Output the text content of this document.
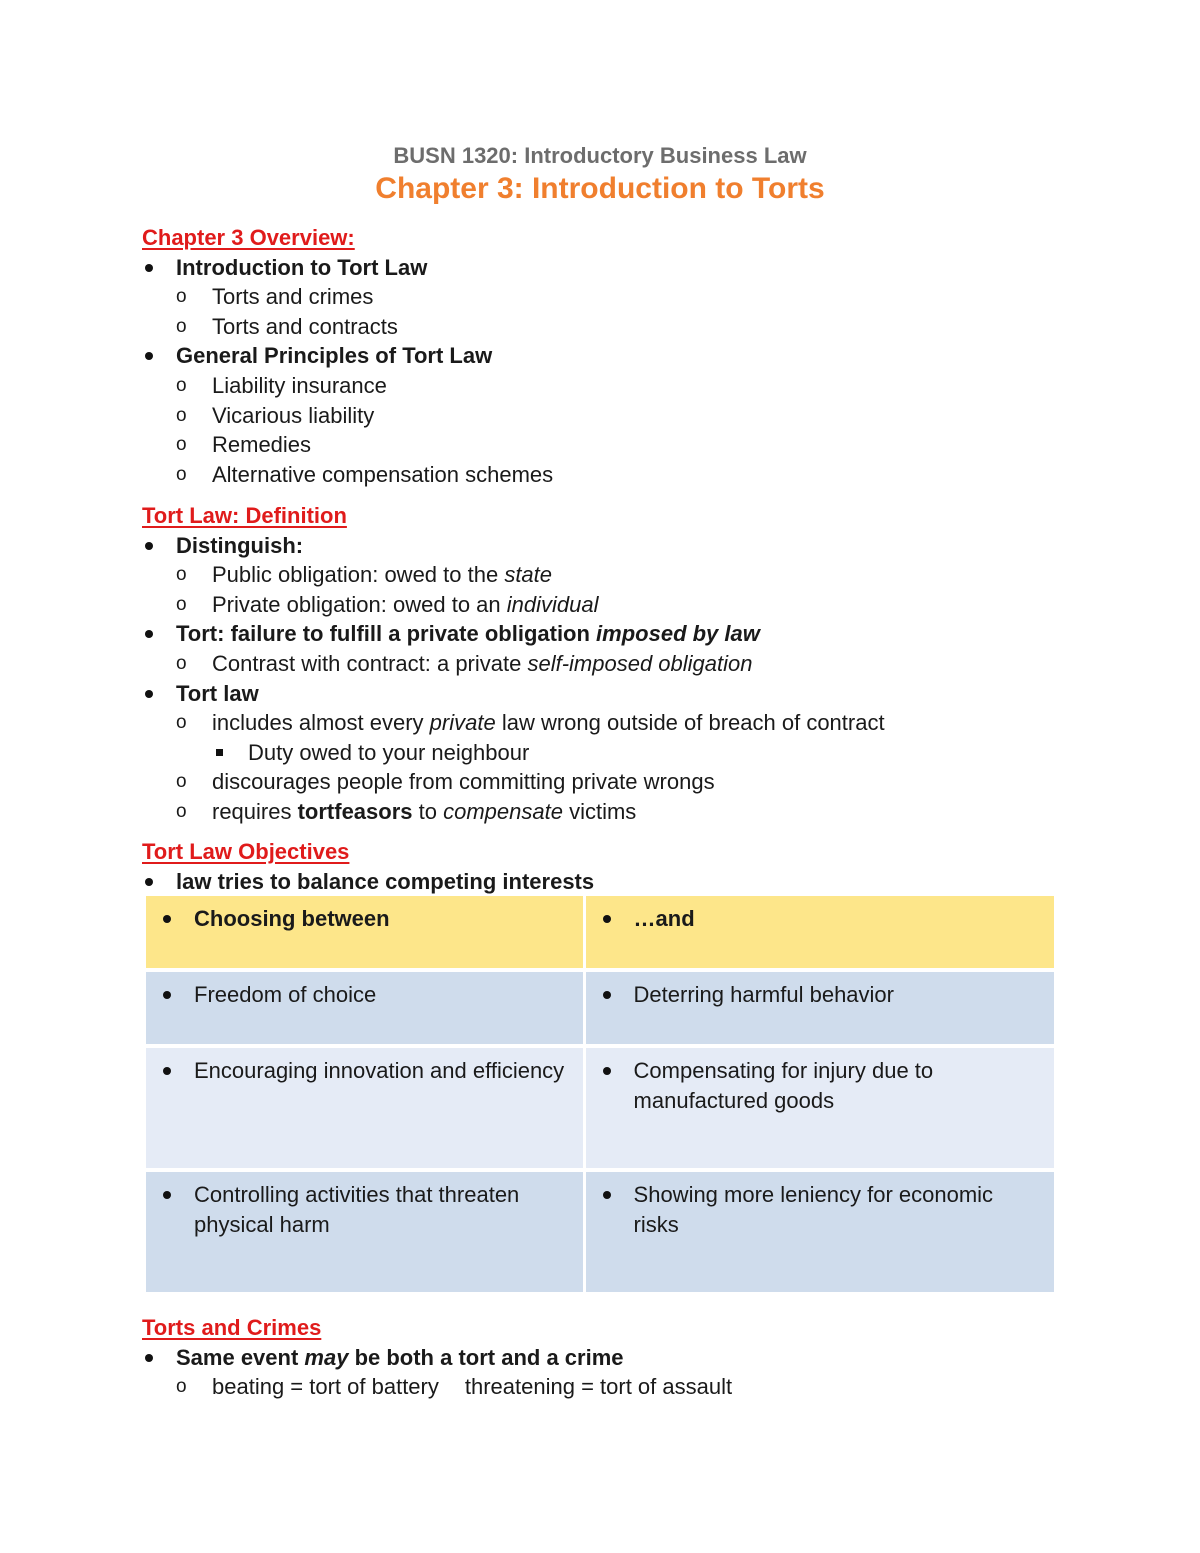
BUSN 1320: Introductory Business Law
Chapter 3: Introduction to Torts
Chapter 3 Overview:
Introduction to Tort Law
o Torts and crimes
o Torts and contracts
General Principles of Tort Law
o Liability insurance
o Vicarious liability
o Remedies
o Alternative compensation schemes
Tort Law: Definition
Distinguish:
o Public obligation: owed to the state
o Private obligation: owed to an individual
Tort: failure to fulfill a private obligation imposed by law
o Contrast with contract: a private self-imposed obligation
Tort law
o includes almost every private law wrong outside of breach of contract
Duty owed to your neighbour
o discourages people from committing private wrongs
o requires tortfeasors to compensate victims
Tort Law Objectives
law tries to balance competing interests
Choosing between	…and
Freedom of choice	Deterring harmful behavior
Encouraging innovation and efficiency	Compensating for injury due to manufactured goods
Controlling activities that threaten physical harm	Showing more leniency for economic risks
Torts and Crimes
Same event may be both a tort and a crime
o beating = tort of battery threatening = tort of assault
